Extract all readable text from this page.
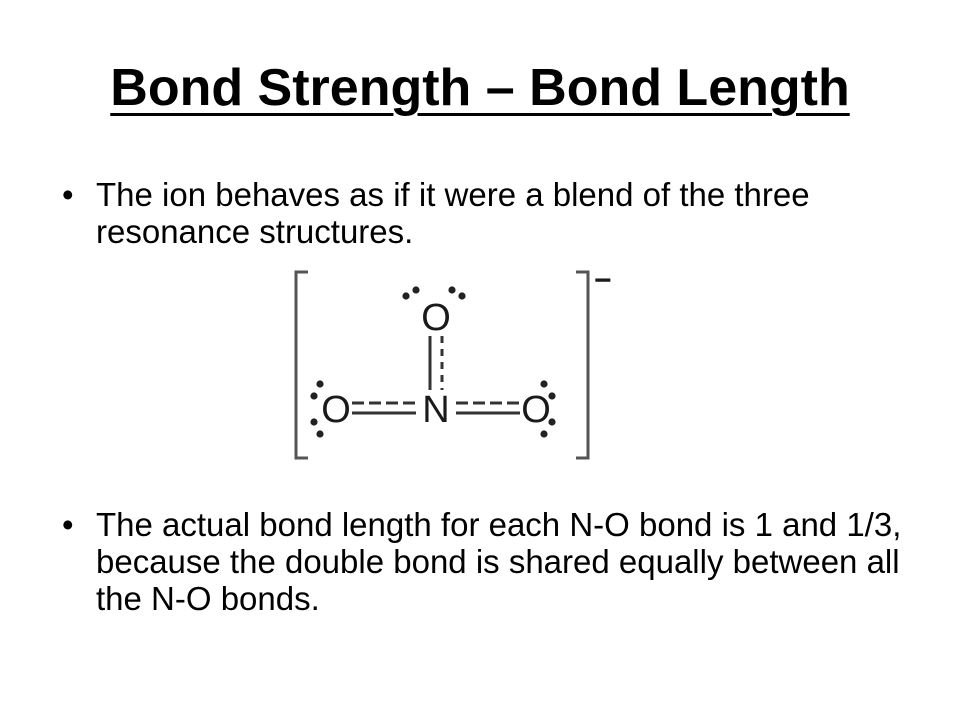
Bond Strength – Bond Length
• The ion behaves as if it were a blend of the three resonance structures.
−
O
N
O	O
• The actual bond length for each N-O bond is 1 and 1/3, because the double bond is shared equally between all the N-O bonds.
